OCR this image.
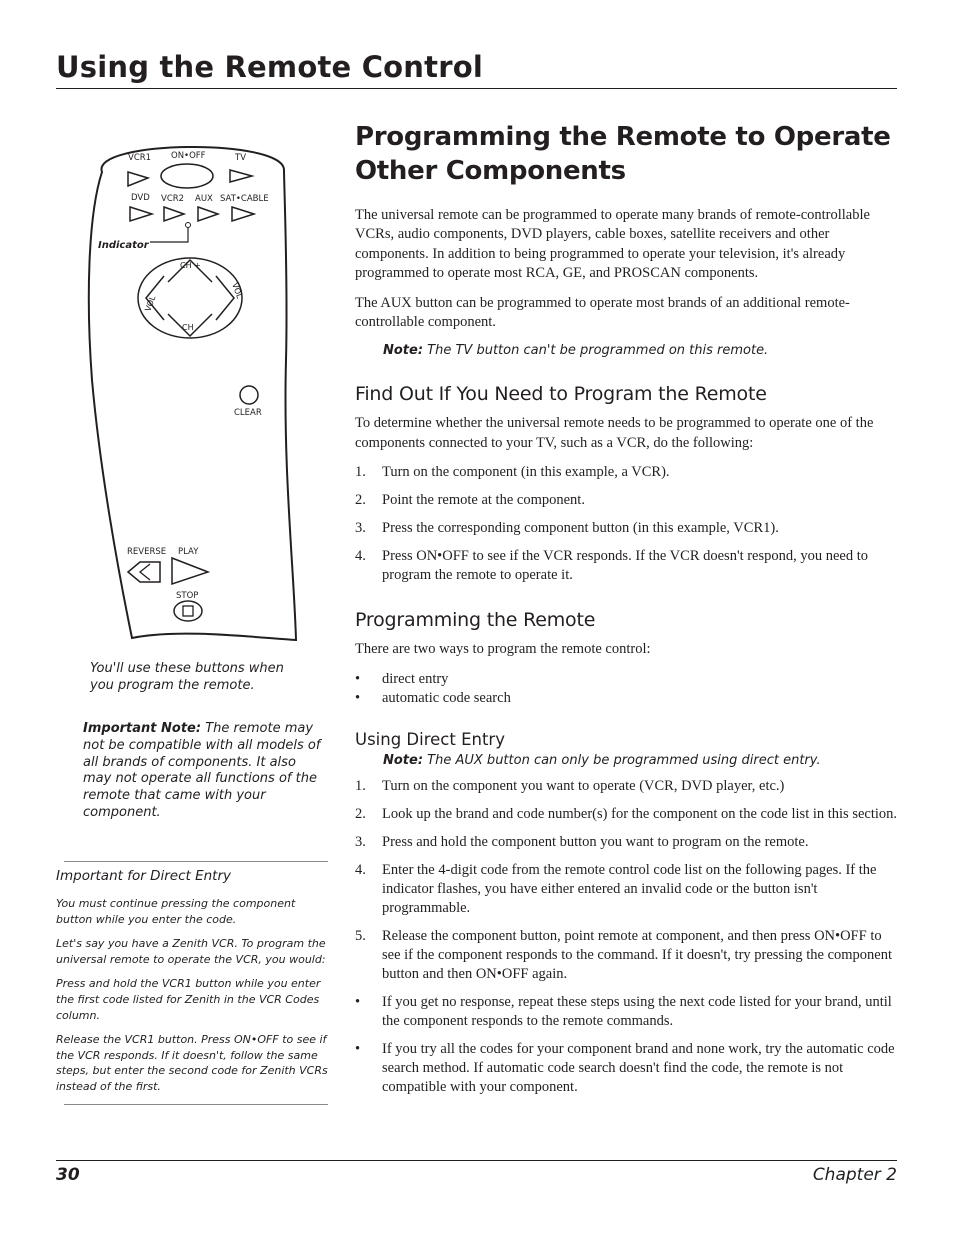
Using the Remote Control
VCR1 ON•OFF	TV
DVD VCR2 AUX SAT•CABLE
Indicator
CH +
CH
VOL
VOL
CLEAR
REVERSE PLAY
STOP

You'll use these buttons when you program the remote.

Important Note: The remote may not be compatible with all models of all brands of components. It also may not operate all functions of the remote that came with your component.

Important for Direct Entry

You must continue pressing the component button while you enter the code.

Let's say you have a Zenith VCR. To program the universal remote to operate the VCR, you would:

Press and hold the VCR1 button while you enter the first code listed for Zenith in the VCR Codes column.

Release the VCR1 button. Press ON•OFF to see if the VCR responds. If it doesn't, follow the same steps, but enter the second code for Zenith VCRs instead of the first.

Programming the Remote to Operate Other Components

The universal remote can be programmed to operate many brands of remote-controllable VCRs, audio components, DVD players, cable boxes, satellite receivers and other components. In addition to being programmed to operate your television, it's already programmed to operate most RCA, GE, and PROSCAN components.

The AUX button can be programmed to operate most brands of an additional remote-controllable component.

Note: The TV button can't be programmed on this remote.

Find Out If You Need to Program the Remote

To determine whether the universal remote needs to be programmed to operate one of the components connected to your TV, such as a VCR, do the following:

1.	Turn on the component (in this example, a VCR).
2.	Point the remote at the component.
3.	Press the corresponding component button (in this example, VCR1).
4.	Press ON•OFF to see if the VCR responds. If the VCR doesn't respond, you need to program the remote to operate it.
Programming the Remote

There are two ways to program the remote control:

•	direct entry
•	automatic code search
Using Direct Entry

Note: The AUX button can only be programmed using direct entry.

1.	Turn on the component you want to operate (VCR, DVD player, etc.)
2.	Look up the brand and code number(s) for the component on the code list in this section.
3.	Press and hold the component button you want to program on the remote.
4.	Enter the 4-digit code from the remote control code list on the following pages. If the indicator flashes, you have either entered an invalid code or the button isn't programmable.
5.	Release the component button, point remote at component, and then press ON•OFF to see if the component responds to the command. If it doesn't, try pressing the component button and then ON•OFF again.
•	If you get no response, repeat these steps using the next code listed for your brand, until the component responds to the remote commands.
•	If you try all the codes for your component brand and none work, try the automatic code search method. If automatic code search doesn't find the code, the remote is not compatible with your component.

30	Chapter 2
